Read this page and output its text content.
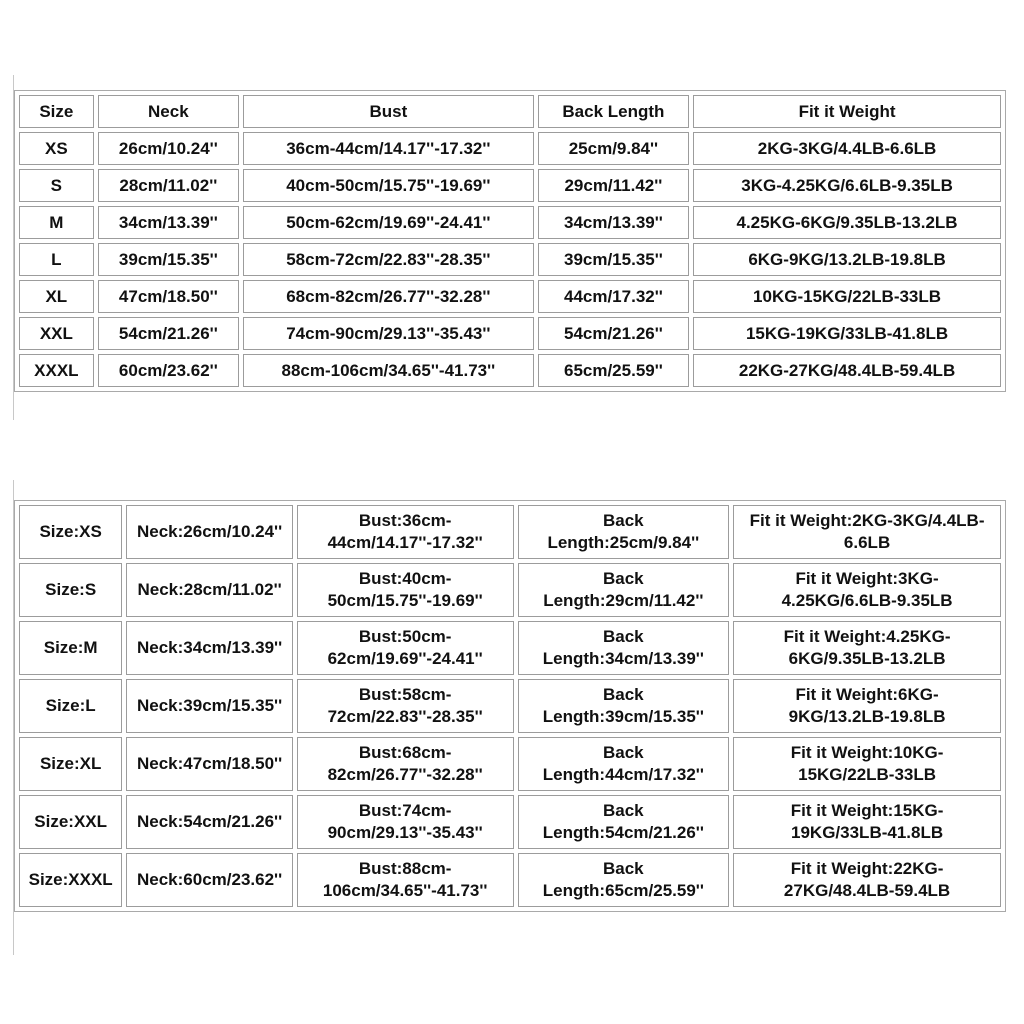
Size	Neck	Bust	Back Length	Fit it Weight
XS	26cm/10.24''	36cm-44cm/14.17''-17.32''	25cm/9.84''	2KG-3KG/4.4LB-6.6LB
S	28cm/11.02''	40cm-50cm/15.75''-19.69''	29cm/11.42''	3KG-4.25KG/6.6LB-9.35LB
M	34cm/13.39''	50cm-62cm/19.69''-24.41''	34cm/13.39''	4.25KG-6KG/9.35LB-13.2LB
L	39cm/15.35''	58cm-72cm/22.83''-28.35''	39cm/15.35''	6KG-9KG/13.2LB-19.8LB
XL	47cm/18.50''	68cm-82cm/26.77''-32.28''	44cm/17.32''	10KG-15KG/22LB-33LB
XXL	54cm/21.26''	74cm-90cm/29.13''-35.43''	54cm/21.26''	15KG-19KG/33LB-41.8LB
XXXL	60cm/23.62''	88cm-106cm/34.65''-41.73''	65cm/25.59''	22KG-27KG/48.4LB-59.4LB
Size:XS	Neck:26cm/10.24''	Bust:36cm-
44cm/14.17''-17.32''	Back
Length:25cm/9.84''	Fit it Weight:2KG-3KG/4.4LB-
6.6LB

Size:S	Neck:28cm/11.02''	Bust:40cm-
50cm/15.75''-19.69''	Back
Length:29cm/11.42''	Fit it Weight:3KG-
4.25KG/6.6LB-9.35LB

Size:M	Neck:34cm/13.39''	Bust:50cm-
62cm/19.69''-24.41''	Back
Length:34cm/13.39''	Fit it Weight:4.25KG-
6KG/9.35LB-13.2LB

Size:L	Neck:39cm/15.35''	Bust:58cm-
72cm/22.83''-28.35''	Back
Length:39cm/15.35''	Fit it Weight:6KG-
9KG/13.2LB-19.8LB

Size:XL	Neck:47cm/18.50''	Bust:68cm-
82cm/26.77''-32.28''	Back
Length:44cm/17.32''	Fit it Weight:10KG-
15KG/22LB-33LB

Size:XXL	Neck:54cm/21.26''	Bust:74cm-
90cm/29.13''-35.43''	Back
Length:54cm/21.26''	Fit it Weight:15KG-
19KG/33LB-41.8LB

Size:XXXL	Neck:60cm/23.62''	Bust:88cm-
106cm/34.65''-41.73''	Back
Length:65cm/25.59''	Fit it Weight:22KG-
27KG/48.4LB-59.4LB
